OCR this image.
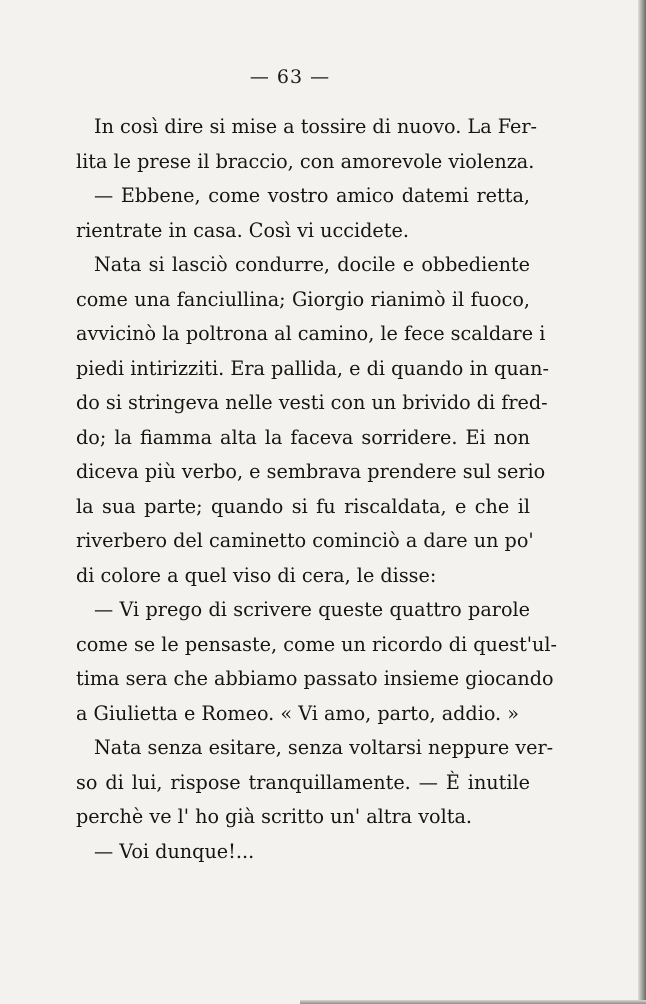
— 63 —
In così dire si mise a tossire di nuovo. La Fer-
lita le prese il braccio, con amorevole violenza.
— Ebbene, come vostro amico datemi retta,
rientrate in casa. Così vi uccidete.
Nata si lasciò condurre, docile e obbediente
come una fanciullina; Giorgio rianimò il fuoco,
avvicinò la poltrona al camino, le fece scaldare i
piedi intirizziti. Era pallida, e di quando in quan-
do si stringeva nelle vesti con un brivido di fred-
do; la fiamma alta la faceva sorridere. Ei non
diceva più verbo, e sembrava prendere sul serio
la sua parte; quando si fu riscaldata, e che il
riverbero del caminetto cominciò a dare un po'
di colore a quel viso di cera, le disse:
— Vi prego di scrivere queste quattro parole
come se le pensaste, come un ricordo di quest'ul-
tima sera che abbiamo passato insieme giocando
a Giulietta e Romeo. « Vi amo, parto, addio. »
Nata senza esitare, senza voltarsi neppure ver-
so di lui, rispose tranquillamente. — È inutile
perchè ve l' ho già scritto un' altra volta.
— Voi dunque!...
